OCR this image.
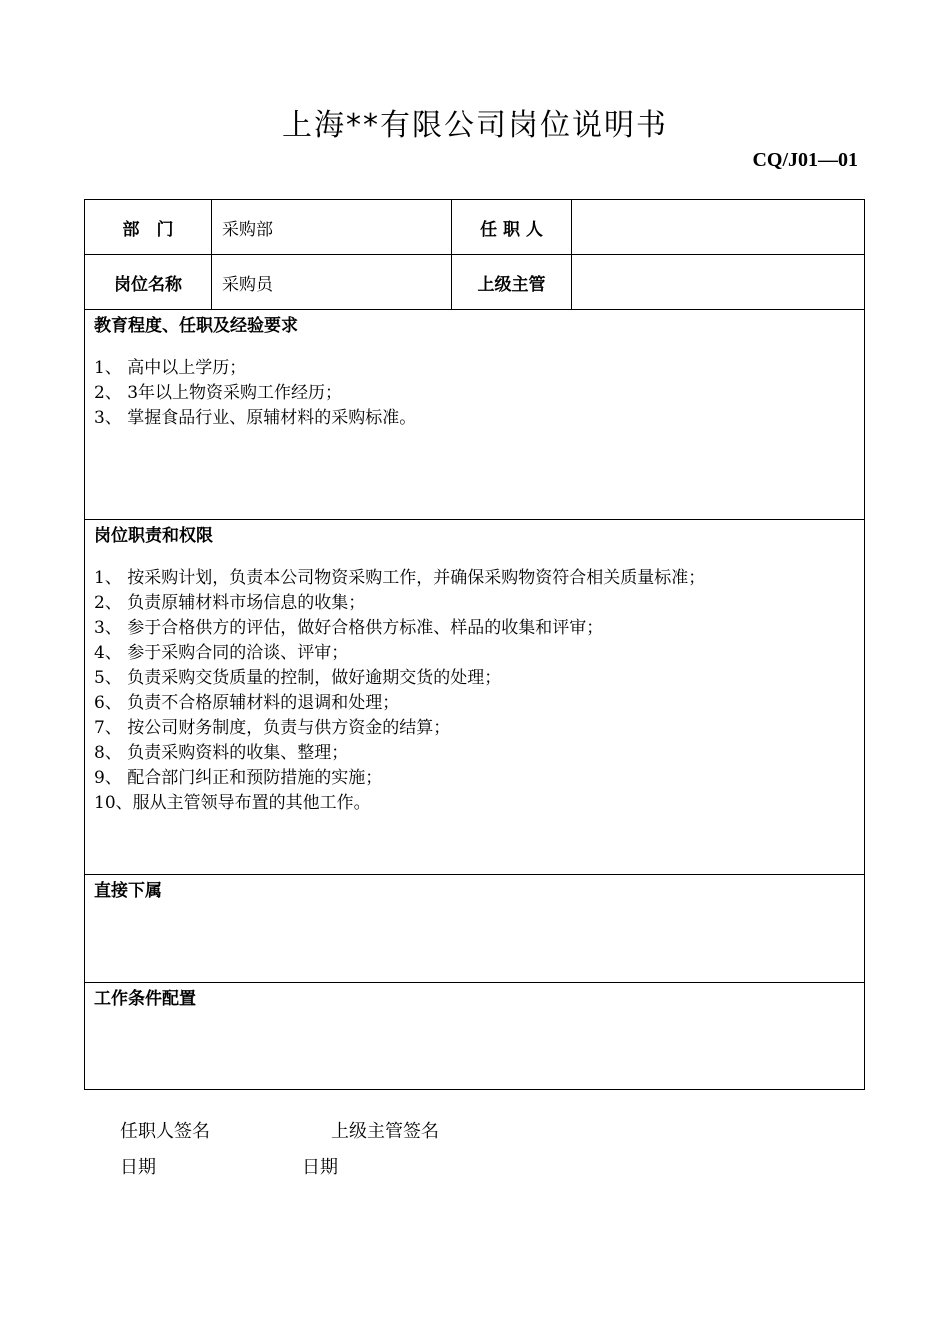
上海**有限公司岗位说明书
CQ/J01—01
部　门	采购部	任 职 人
岗位名称	采购员	上级主管
教育程度、任职及经验要求
1、 高中以上学历；
2、 3年以上物资采购工作经历；
3、 掌握食品行业、原辅材料的采购标准。
岗位职责和权限
1、 按采购计划，负责本公司物资采购工作，并确保采购物资符合相关质量标准；
2、 负责原辅材料市场信息的收集；
3、 参于合格供方的评估，做好合格供方标准、样品的收集和评审；
4、 参于采购合同的洽谈、评审；
5、 负责采购交货质量的控制，做好逾期交货的处理；
6、 负责不合格原辅材料的退调和处理；
7、 按公司财务制度，负责与供方资金的结算；
8、 负责采购资料的收集、整理；
9、 配合部门纠正和预防措施的实施；
10、服从主管领导布置的其他工作。
直接下属
工作条件配置
任职人签名	上级主管签名
日期	日期
